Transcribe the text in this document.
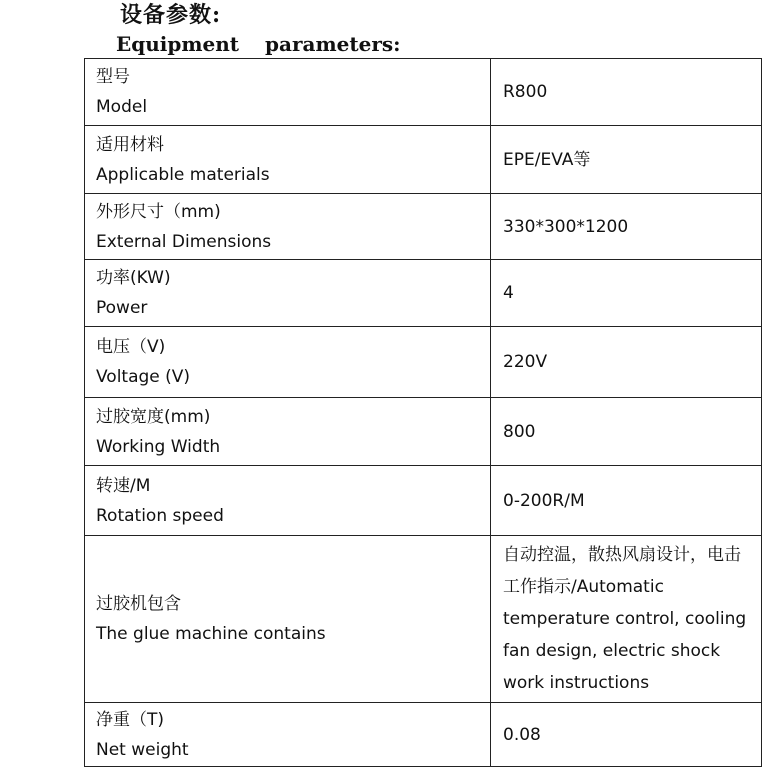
设备参数:
Equipment parameters:
型号
Model	R800

适用材料
Applicable materials	EPE/EVA等

外形尺寸（mm)
External Dimensions	330*300*1200

功率(KW)
Power	4

电压（V)
Voltage (V)	220V

过胶宽度(mm)
Working Width	800

转速/M
Rotation speed	0-200R/M

过胶机包含
The glue machine contains	自动控温，散热风扇设计，电击工作指示/Automatic temperature control, cooling fan design, electric shock work instructions

净重（T)
Net weight	0.08
